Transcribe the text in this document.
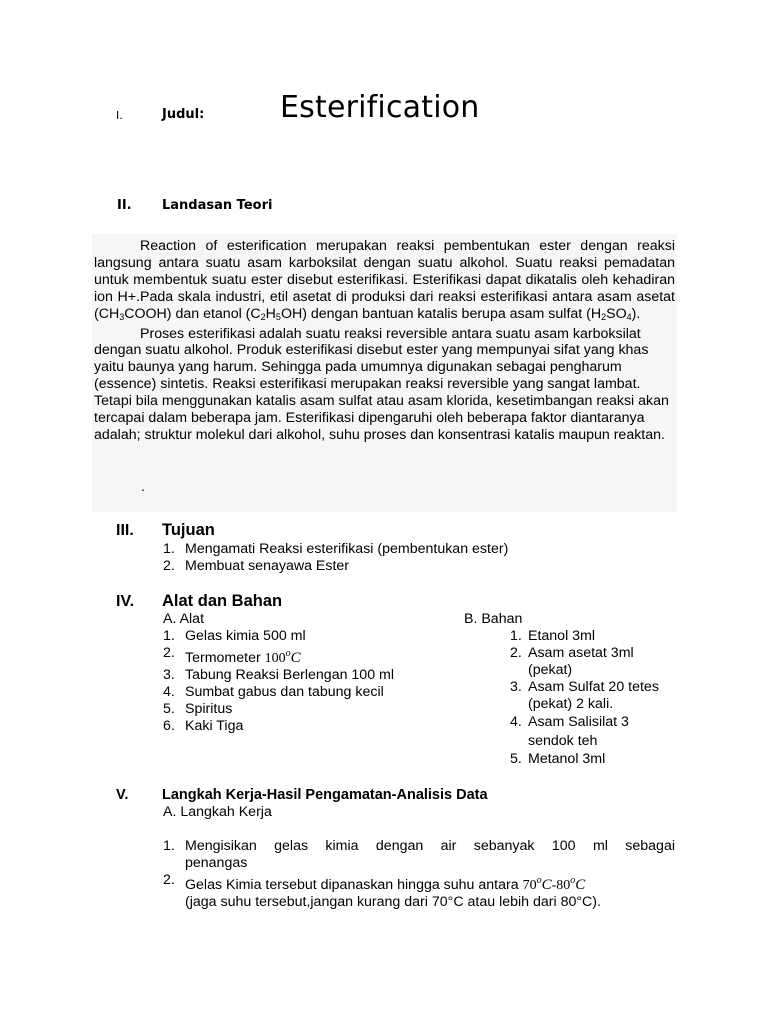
I.	Judul:	Esterification
II. Landasan Teori

Reaction of esterification merupakan reaksi pembentukan ester dengan reaksi langsung antara suatu asam karboksilat dengan suatu alkohol. Suatu reaksi pemadatan untuk membentuk suatu ester disebut esterifikasi. Esterifikasi dapat dikatalis oleh kehadiran ion H+.Pada skala industri, etil asetat di produksi dari reaksi esterifikasi antara asam asetat $(CH_3COOH)$ dan etanol $(C_2H_5OH)$ dengan bantuan katalis berupa asam sulfat $(H_2SO_4)$.

Proses esterifikasi adalah suatu reaksi reversible antara suatu asam karboksilat dengan suatu alkohol. Produk esterifikasi disebut ester yang mempunyai sifat yang khas yaitu baunya yang harum. Sehingga pada umumnya digunakan sebagai pengharum (essence) sintetis. Reaksi esterifikasi merupakan reaksi reversible yang sangat lambat. Tetapi bila menggunakan katalis asam sulfat atau asam klorida, kesetimbangan reaksi akan tercapai dalam beberapa jam. Esterifikasi dipengaruhi oleh beberapa faktor diantaranya adalah; struktur molekul dari alkohol, suhu proses dan konsentrasi katalis maupun reaktan.

.
III. Tujuan
1. Mengamati Reaksi esterifikasi (pembentukan ester)
2. Membuat senayawa Ester
IV. Alat dan Bahan
A. Alat
1. Gelas kimia 500 ml
2. Termometer 100$^o$C
3. Tabung Reaksi Berlengan 100 ml
4. Sumbat gabus dan tabung kecil
5. Spiritus
6. Kaki Tiga
B. Bahan
1. Etanol 3ml
2. Asam asetat 3ml
(pekat)
3. Asam Sulfat 20 tetes
(pekat) 2 kali.
4. Asam Salisilat 3
sendok teh
5. Metanol 3ml
V. Langkah Kerja-Hasil Pengamatan-Analisis Data
A. Langkah Kerja
1. Mengisikan gelas kimia dengan air sebanyak 100 ml sebagai
penangas
2. Gelas Kimia tersebut dipanaskan hingga suhu antara 70$^o$C-80$^o$C
(jaga suhu tersebut,jangan kurang dari 70°C atau lebih dari 80°C).
